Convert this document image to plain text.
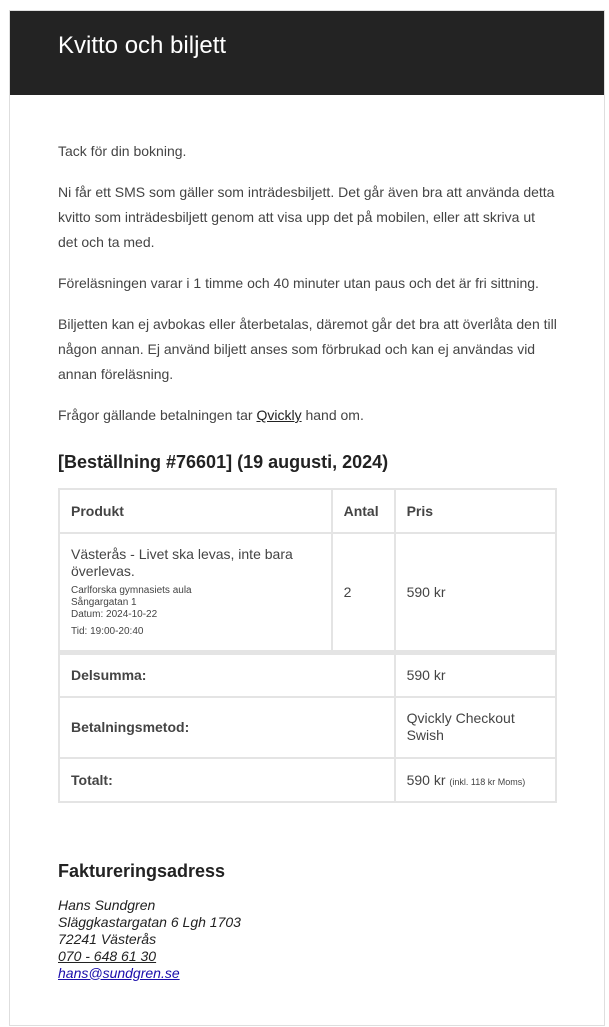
Kvitto och biljett

Tack för din bokning.

Ni får ett SMS som gäller som inträdesbiljett. Det går även bra att använda detta kvitto som inträdesbiljett genom att visa upp det på mobilen, eller att skriva ut det och ta med.

Föreläsningen varar i 1 timme och 40 minuter utan paus och det är fri sittning.

Biljetten kan ej avbokas eller återbetalas, däremot går det bra att överlåta den till någon annan. Ej använd biljett anses som förbrukad och kan ej användas vid annan föreläsning.

Frågor gällande betalningen tar Qvickly hand om.

[Beställning #76601] (19 augusti, 2024)
Produkt	Antal	Pris

Västerås - Livet ska levas, inte bara överlevas.
Carlforska gymnasiets aula
Sångargatan 1
Datum: 2024-10-22
Tid: 19:00-20:40	2	590 kr
Delsumma:		590 kr
Betalningsmetod:		Qvickly Checkout
Swish

Totalt:		590 kr (inkl. 118 kr Moms)
Faktureringsadress
Hans Sundgren
Släggkastargatan 6 Lgh 1703
72241 Västerås
070 - 648 61 30
hans@sundgren.se
